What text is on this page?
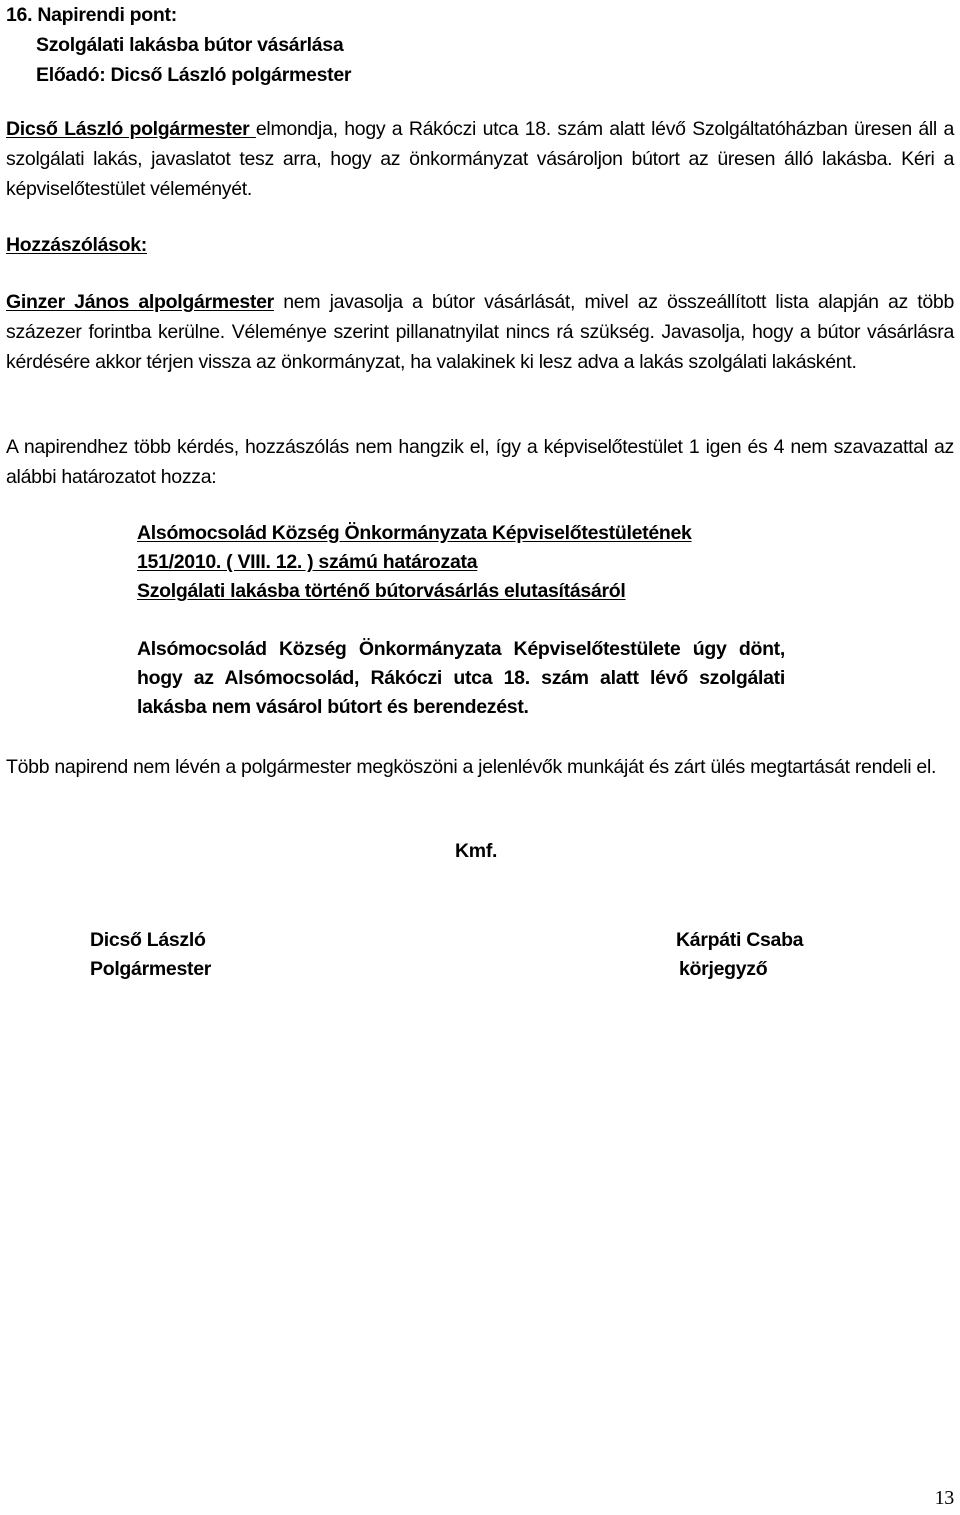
16. Napirendi pont:
Szolgálati lakásba bútor vásárlása
Előadó: Dicső László polgármester
Dicső László polgármester elmondja, hogy a Rákóczi utca 18. szám alatt lévő Szolgáltatóházban üresen áll a szolgálati lakás, javaslatot tesz arra, hogy az önkormányzat vásároljon bútort az üresen álló lakásba. Kéri a képviselőtestület véleményét.
Hozzászólások:
Ginzer János alpolgármester nem javasolja a bútor vásárlását, mivel az összeállított lista alapján az több százezer forintba kerülne. Véleménye szerint pillanatnyilat nincs rá szükség. Javasolja, hogy a bútor vásárlásra kérdésére akkor térjen vissza az önkormányzat, ha valakinek ki lesz adva a lakás szolgálati lakásként.
A napirendhez több kérdés, hozzászólás nem hangzik el, így a képviselőtestület 1 igen és 4 nem szavazattal az alábbi határozatot hozza:
Alsómocsolád Község Önkormányzata Képviselőtestületének
151/2010. ( VIII. 12. ) számú határozata
Szolgálati lakásba történő bútorvásárlás elutasításáról
Alsómocsolád Község Önkormányzata Képviselőtestülete úgy dönt, hogy az Alsómocsolád, Rákóczi utca 18. szám alatt lévő szolgálati lakásba nem vásárol bútort és berendezést.
Több napirend nem lévén a polgármester megköszöni a jelenlévők munkáját és zárt ülés megtartását rendeli el.
Kmf.
Dicső László
Polgármester
Kárpáti Csaba
körjegyző
13
